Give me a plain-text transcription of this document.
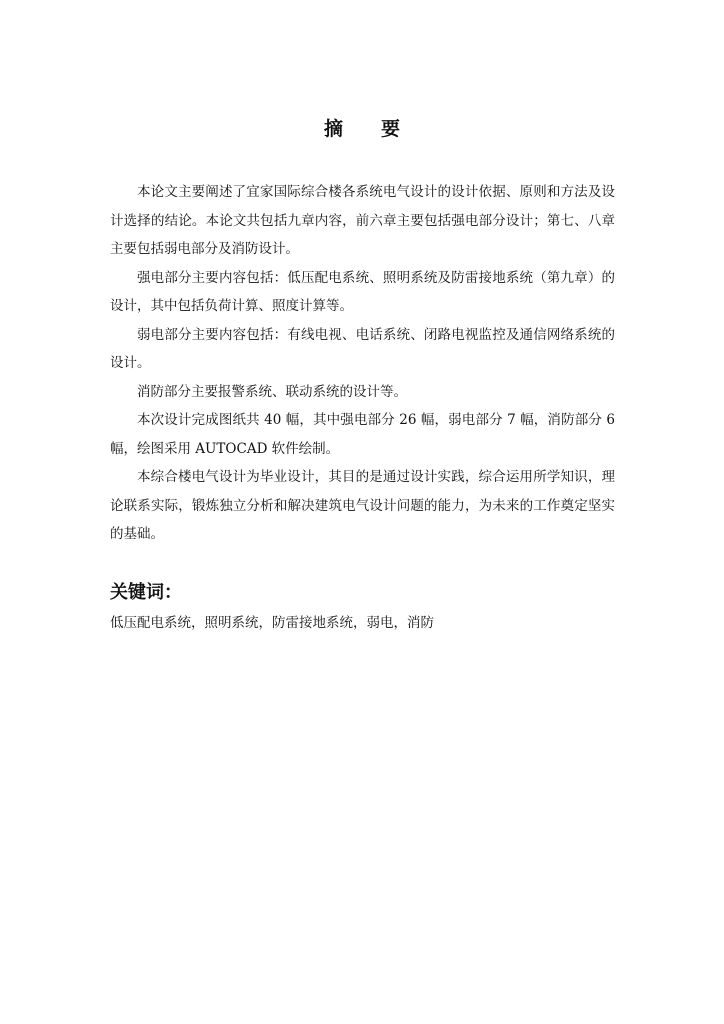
摘　　要

本论文主要阐述了宜家国际综合楼各系统电气设计的设计依据、原则和方法及设计选择的结论。本论文共包括九章内容，前六章主要包括强电部分设计；第七、八章主要包括弱电部分及消防设计。

强电部分主要内容包括：低压配电系统、照明系统及防雷接地系统（第九章）的设计，其中包括负荷计算、照度计算等。

弱电部分主要内容包括：有线电视、电话系统、闭路电视监控及通信网络系统的设计。

消防部分主要报警系统、联动系统的设计等。

本次设计完成图纸共 40 幅，其中强电部分 26 幅，弱电部分 7 幅，消防部分 6 幅，绘图采用 AUTOCAD 软件绘制。

本综合楼电气设计为毕业设计，其目的是通过设计实践，综合运用所学知识，理论联系实际，锻炼独立分析和解决建筑电气设计问题的能力，为未来的工作奠定坚实的基础。

关键词：
低压配电系统，照明系统，防雷接地系统，弱电，消防
